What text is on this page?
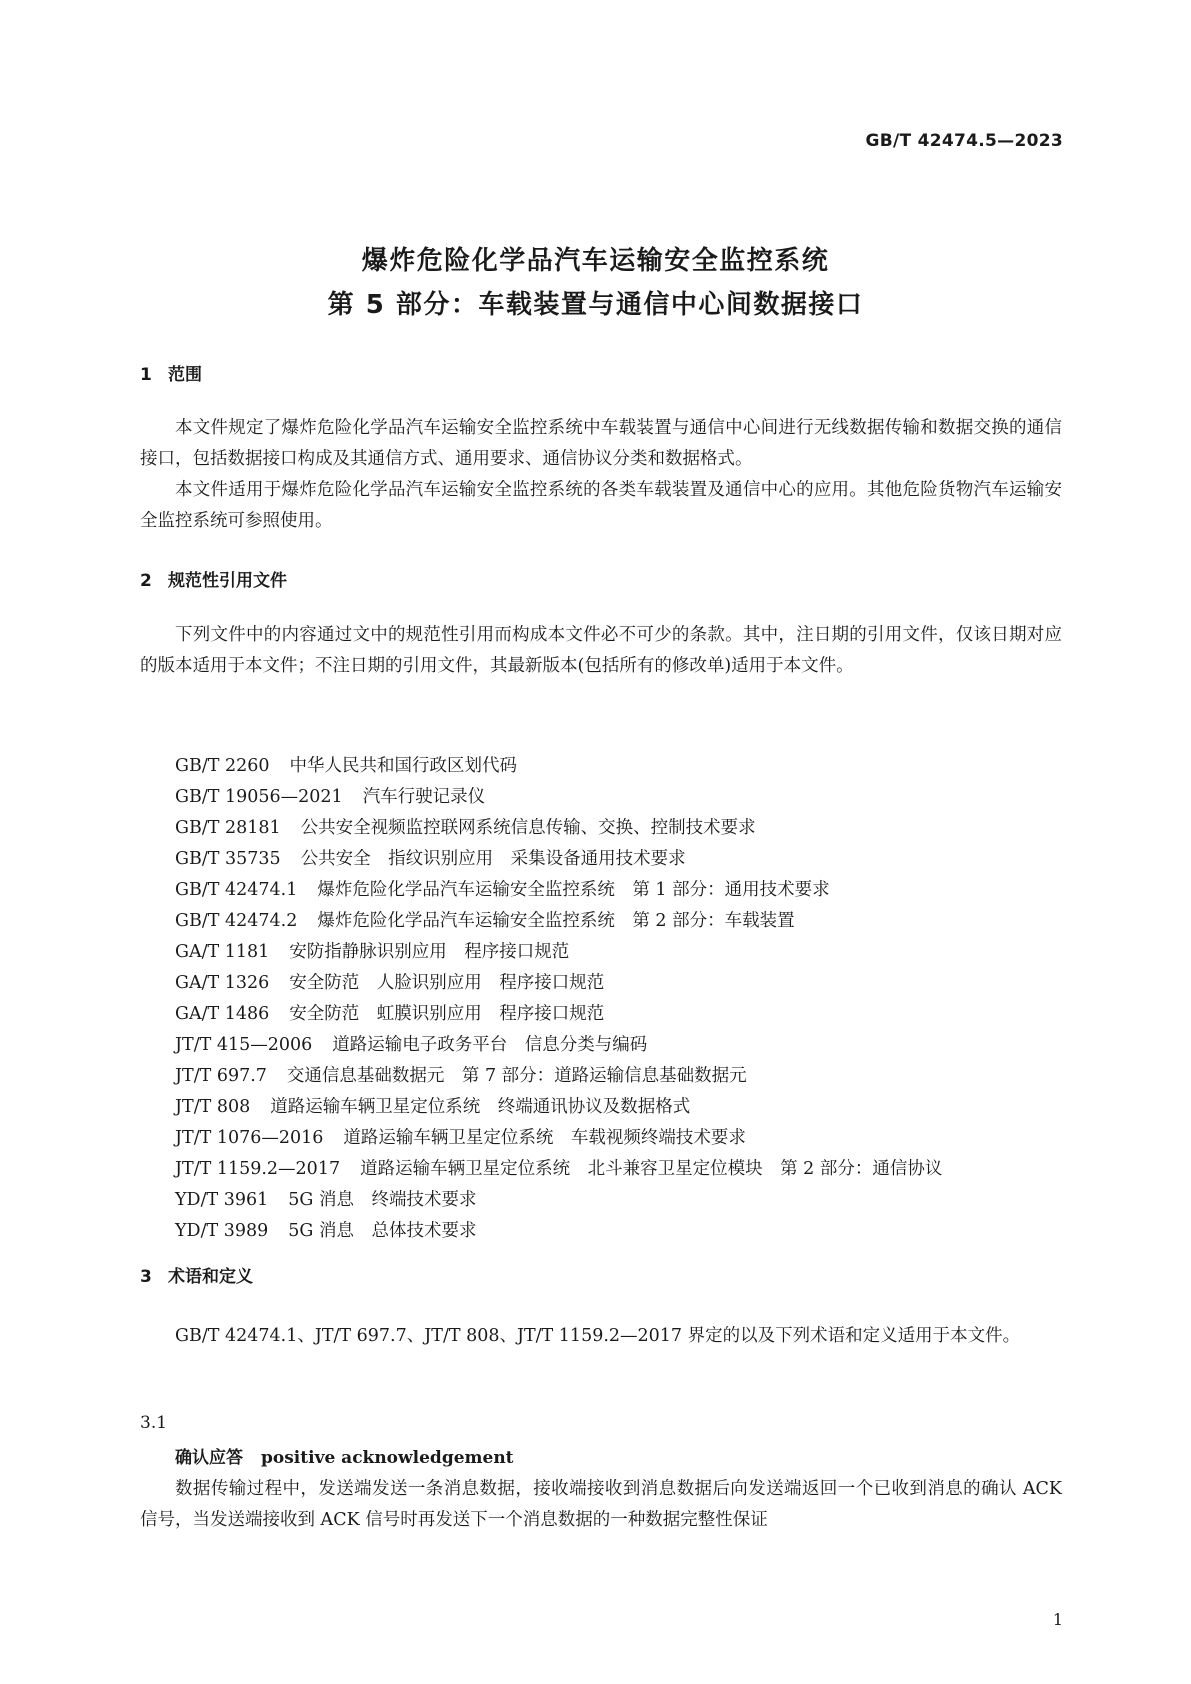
GB/T 42474.5—2023
爆炸危险化学品汽车运输安全监控系统
第 5 部分：车载装置与通信中心间数据接口
1 范围

本文件规定了爆炸危险化学品汽车运输安全监控系统中车载装置与通信中心间进行无线数据传输和数据交换的通信接口，包括数据接口构成及其通信方式、通用要求、通信协议分类和数据格式。

本文件适用于爆炸危险化学品汽车运输安全监控系统的各类车载装置及通信中心的应用。其他危险货物汽车运输安全监控系统可参照使用。

2 规范性引用文件

下列文件中的内容通过文中的规范性引用而构成本文件必不可少的条款。其中，注日期的引用文件，仅该日期对应的版本适用于本文件；不注日期的引用文件，其最新版本(包括所有的修改单)适用于本文件。

GB/T 2260 中华人民共和国行政区划代码
GB/T 19056—2021 汽车行驶记录仪
GB/T 28181 公共安全视频监控联网系统信息传输、交换、控制技术要求
GB/T 35735 公共安全　指纹识别应用　采集设备通用技术要求
GB/T 42474.1 爆炸危险化学品汽车运输安全监控系统　第 1 部分：通用技术要求
GB/T 42474.2 爆炸危险化学品汽车运输安全监控系统　第 2 部分：车载装置
GA/T 1181 安防指静脉识别应用　程序接口规范
GA/T 1326 安全防范　人脸识别应用　程序接口规范
GA/T 1486 安全防范　虹膜识别应用　程序接口规范
JT/T 415—2006 道路运输电子政务平台　信息分类与编码
JT/T 697.7 交通信息基础数据元　第 7 部分：道路运输信息基础数据元
JT/T 808 道路运输车辆卫星定位系统　终端通讯协议及数据格式
JT/T 1076—2016 道路运输车辆卫星定位系统　车载视频终端技术要求
JT/T 1159.2—2017 道路运输车辆卫星定位系统　北斗兼容卫星定位模块　第 2 部分：通信协议
YD/T 3961 5G 消息　终端技术要求
YD/T 3989 5G 消息　总体技术要求
3 术语和定义

GB/T 42474.1、JT/T 697.7、JT/T 808、JT/T 1159.2—2017 界定的以及下列术语和定义适用于本文件。

3.1
确认应答 positive acknowledgement

数据传输过程中，发送端发送一条消息数据，接收端接收到消息数据后向发送端返回一个已收到消息的确认 ACK 信号，当发送端接收到 ACK 信号时再发送下一个消息数据的一种数据完整性保证

1
